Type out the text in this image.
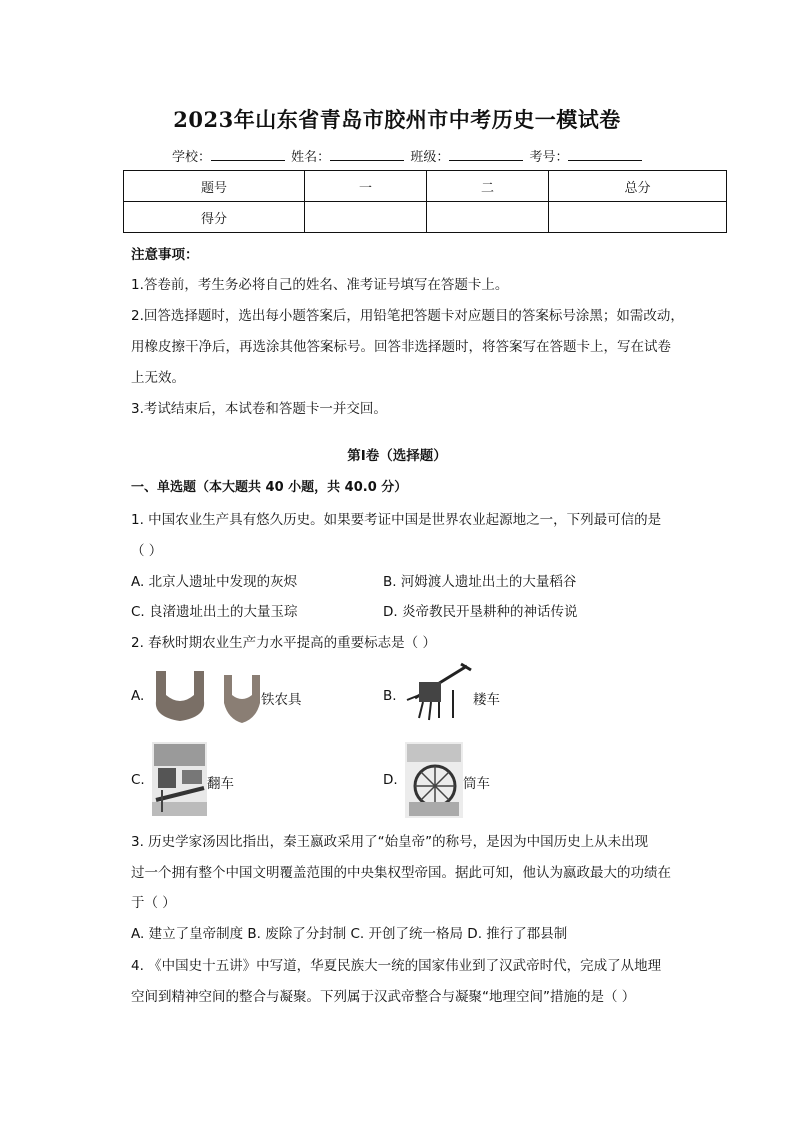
2023年山东省青岛市胶州市中考历史一模试卷
学校：	姓名：	班级：	考号：
题号	一	二	总分
得分			
注意事项：
1.答卷前，考生务必将自己的姓名、准考证号填写在答题卡上。
2.回答选择题时，选出每小题答案后，用铅笔把答题卡对应题目的答案标号涂黑；如需改动，
用橡皮擦干净后，再选涂其他答案标号。回答非选择题时，将答案写在答题卡上，写在试卷
上无效。
3.考试结束后，本试卷和答题卡一并交回。
第Ⅰ卷（选择题）
一、单选题（本大题共 40 小题，共 40.0 分）
1. 中国农业生产具有悠久历史。如果要考证中国是世界农业起源地之一，下列最可信的是
（ ）
A. 北京人遗址中发现的灰烬	B. 河姆渡人遗址出土的大量稻谷
C. 良渚遗址出土的大量玉琮	D. 炎帝教民开垦耕种的神话传说
2. 春秋时期农业生产力水平提高的重要标志是（ ）
A.	铁农具	B.	耧车
C.	翻车	D.	筒车
3. 历史学家汤因比指出，秦王嬴政采用了“始皇帝”的称号，是因为中国历史上从未出现
过一个拥有整个中国文明覆盖范围的中央集权型帝国。据此可知，他认为嬴政最大的功绩在
于（ ）
A. 建立了皇帝制度 B. 废除了分封制 C. 开创了统一格局 D. 推行了郡县制
4. 《中国史十五讲》中写道，华夏民族大一统的国家伟业到了汉武帝时代，完成了从地理
空间到精神空间的整合与凝聚。下列属于汉武帝整合与凝聚“地理空间”措施的是（ ）
